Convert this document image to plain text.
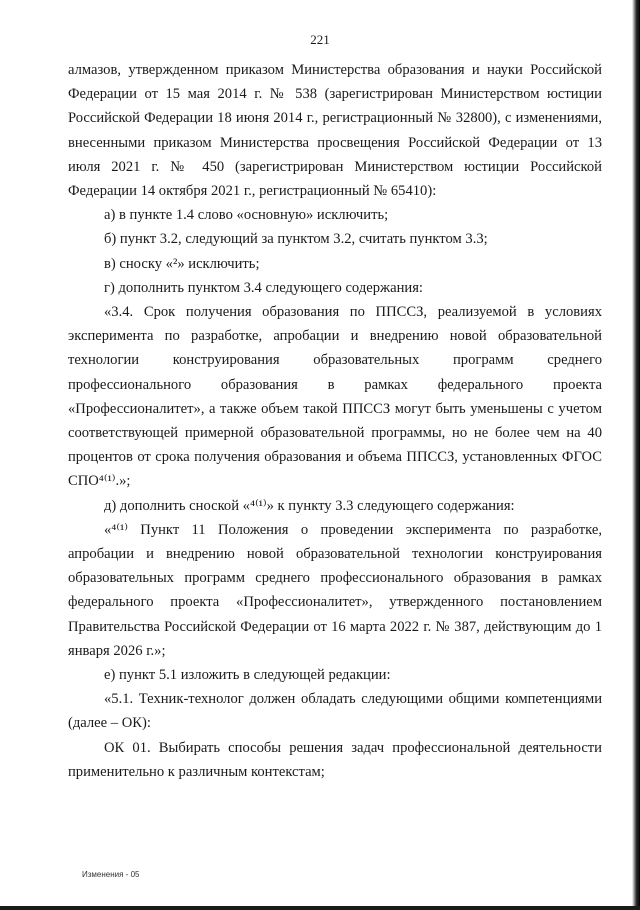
221

алмазов, утвержденном приказом Министерства образования и науки Российской Федерации от 15 мая 2014 г. № 538 (зарегистрирован Министерством юстиции Российской Федерации 18 июня 2014 г., регистрационный № 32800), с изменениями, внесенными приказом Министерства просвещения Российской Федерации от 13 июля 2021 г. № 450 (зарегистрирован Министерством юстиции Российской Федерации 14 октября 2021 г., регистрационный № 65410):

а) в пункте 1.4 слово «основную» исключить;

б) пункт 3.2, следующий за пунктом 3.2, считать пунктом 3.3;

в) сноску «²» исключить;

г) дополнить пунктом 3.4 следующего содержания:

«3.4. Срок получения образования по ППССЗ, реализуемой в условиях эксперимента по разработке, апробации и внедрению новой образовательной технологии конструирования образовательных программ среднего профессионального образования в рамках федерального проекта «Профессионалитет», а также объем такой ППССЗ могут быть уменьшены с учетом соответствующей примерной образовательной программы, но не более чем на 40 процентов от срока получения образования и объема ППССЗ, установленных ФГОС СПО⁴⁽¹⁾.»;

д) дополнить сноской «⁴⁽¹⁾» к пункту 3.3 следующего содержания:

«⁴⁽¹⁾ Пункт 11 Положения о проведении эксперимента по разработке, апробации и внедрению новой образовательной технологии конструирования образовательных программ среднего профессионального образования в рамках федерального проекта «Профессионалитет», утвержденного постановлением Правительства Российской Федерации от 16 марта 2022 г. № 387, действующим до 1 января 2026 г.»;

е) пункт 5.1 изложить в следующей редакции:

«5.1. Техник-технолог должен обладать следующими общими компетенциями (далее – ОК):

ОК 01. Выбирать способы решения задач профессиональной деятельности применительно к различным контекстам;

Изменения - 05
